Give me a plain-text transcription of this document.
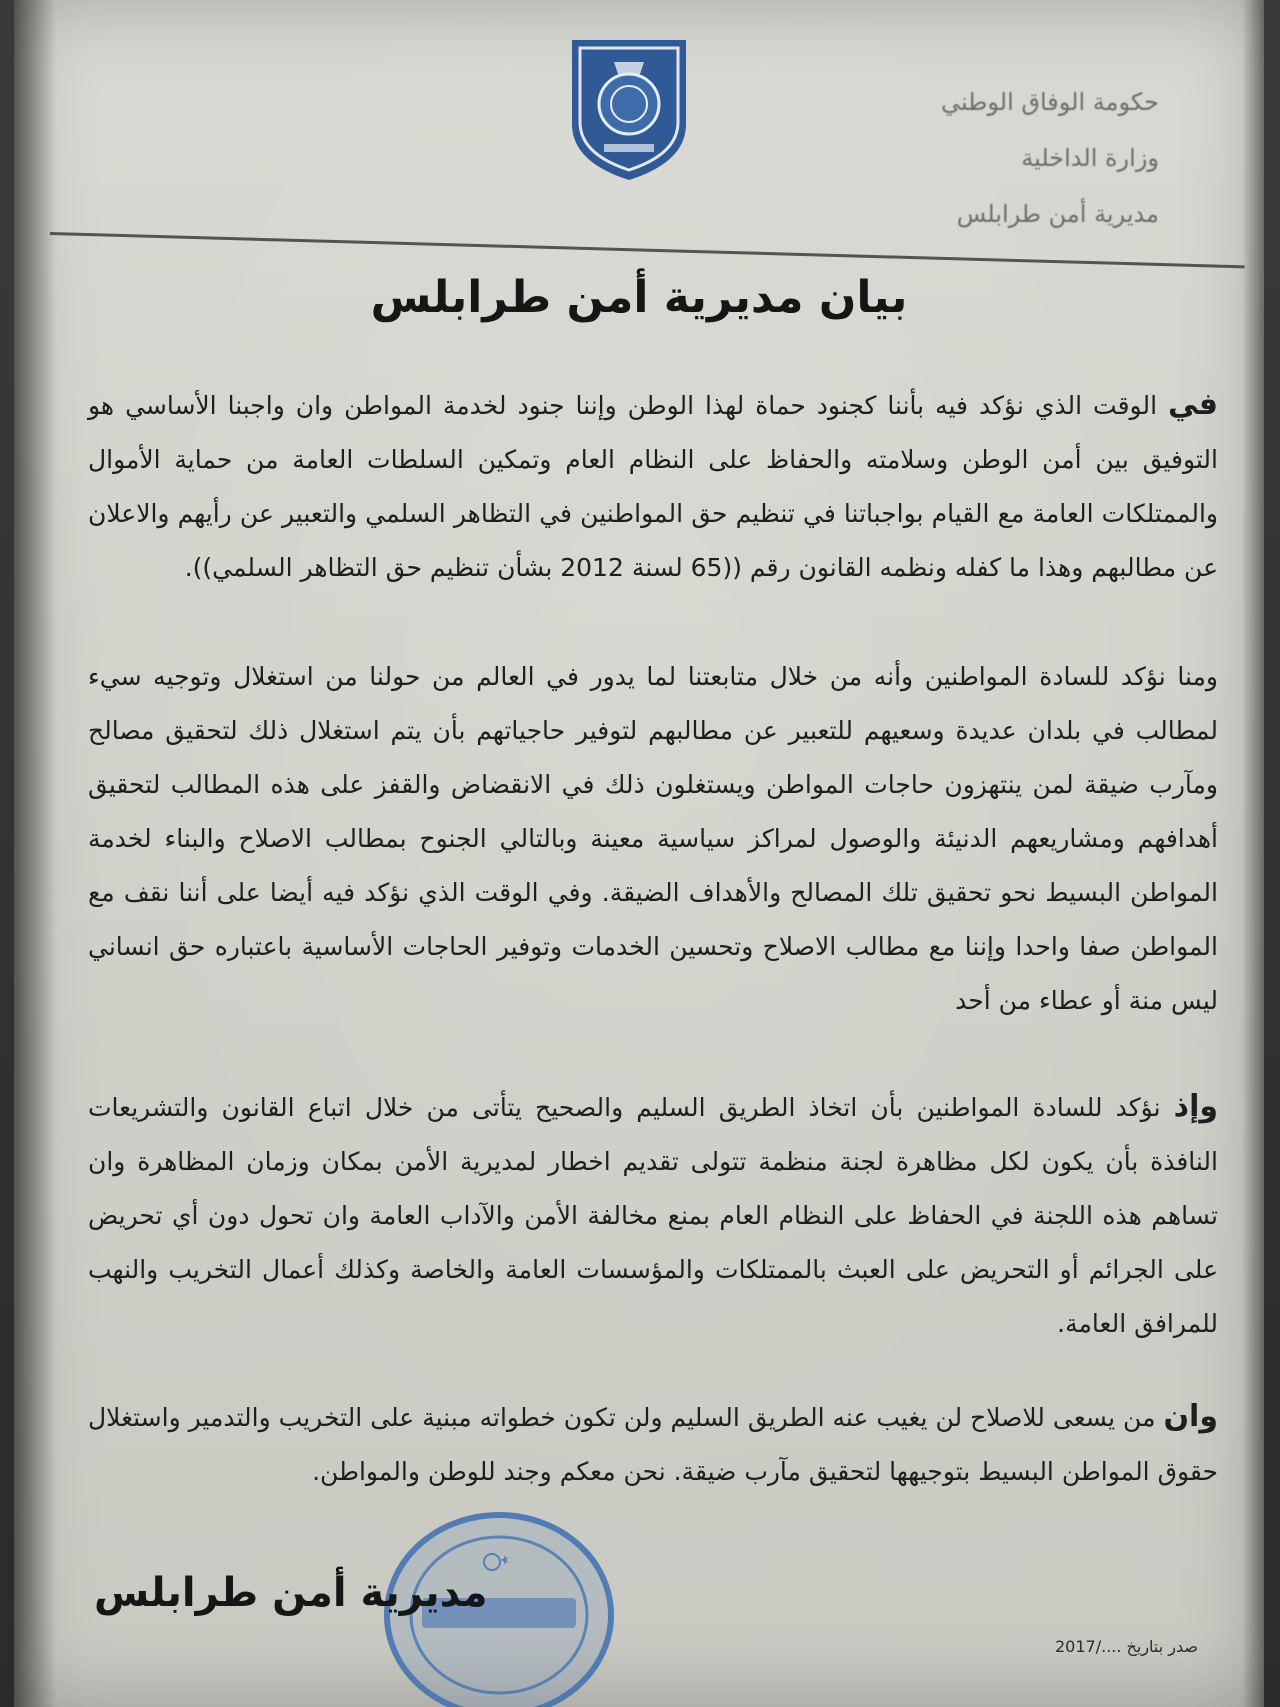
حكومة الوفاق الوطني
وزارة الداخلية
مديرية أمن طرابلس
بيان مديرية أمن طرابلس
في الوقت الذي نؤكد فيه بأننا كجنود حماة لهذا الوطن وإننا جنود لخدمة المواطن وان واجبنا الأساسي هو التوفيق بين أمن الوطن وسلامته والحفاظ على النظام العام وتمكين السلطات العامة من حماية الأموال والممتلكات العامة مع القيام بواجباتنا في تنظيم حق المواطنين في التظاهر السلمي والتعبير عن رأيهم والاعلان عن مطالبهم وهذا ما كفله ونظمه القانون رقم ((65 لسنة 2012 بشأن تنظيم حق التظاهر السلمي)).
ومنا نؤكد للسادة المواطنين وأنه من خلال متابعتنا لما يدور في العالم من حولنا من استغلال وتوجيه سيء لمطالب في بلدان عديدة وسعيهم للتعبير عن مطالبهم لتوفير حاجياتهم بأن يتم استغلال ذلك لتحقيق مصالح ومآرب ضيقة لمن ينتهزون حاجات المواطن ويستغلون ذلك في الانقضاض والقفز على هذه المطالب لتحقيق أهدافهم ومشاريعهم الدنيئة والوصول لمراكز سياسية معينة وبالتالي الجنوح بمطالب الاصلاح والبناء لخدمة المواطن البسيط نحو تحقيق تلك المصالح والأهداف الضيقة. وفي الوقت الذي نؤكد فيه أيضا على أننا نقف مع المواطن صفا واحدا وإننا مع مطالب الاصلاح وتحسين الخدمات وتوفير الحاجات الأساسية باعتباره حق انساني ليس منة أو عطاء من أحد
وإذ نؤكد للسادة المواطنين بأن اتخاذ الطريق السليم والصحيح يتأتى من خلال اتباع القانون والتشريعات النافذة بأن يكون لكل مظاهرة لجنة منظمة تتولى تقديم اخطار لمديرية الأمن بمكان وزمان المظاهرة وان تساهم هذه اللجنة في الحفاظ على النظام العام بمنع مخالفة الأمن والآداب العامة وان تحول دون أي تحريض على الجرائم أو التحريض على العبث بالممتلكات والمؤسسات العامة والخاصة وكذلك أعمال التخريب والنهب للمرافق العامة.
وان من يسعى للاصلاح لن يغيب عنه الطريق السليم ولن تكون خطواته مبنية على التخريب والتدمير واستغلال حقوق المواطن البسيط بتوجيهها لتحقيق مآرب ضيقة. نحن معكم وجند للوطن والمواطن.
مديرية أمن طرابلس
صدر بتاريخ ..../2017
